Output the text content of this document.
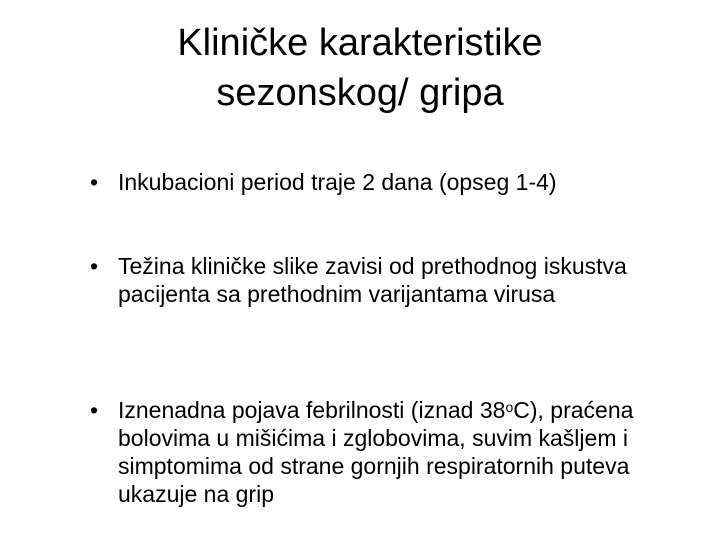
Kliničke karakteristike
sezonskog/ gripa
• Inkubacioni period traje 2 dana (opseg 1-4)
• Težina kliničke slike zavisi od prethodnog iskustva pacijenta sa prethodnim varijantama virusa
• Iznenadna pojava febrilnosti (iznad 38$^o$C), praćena bolovima u mišićima i zglobovima, suvim kašljem i simptomima od strane gornjih respiratornih puteva ukazuje na grip
